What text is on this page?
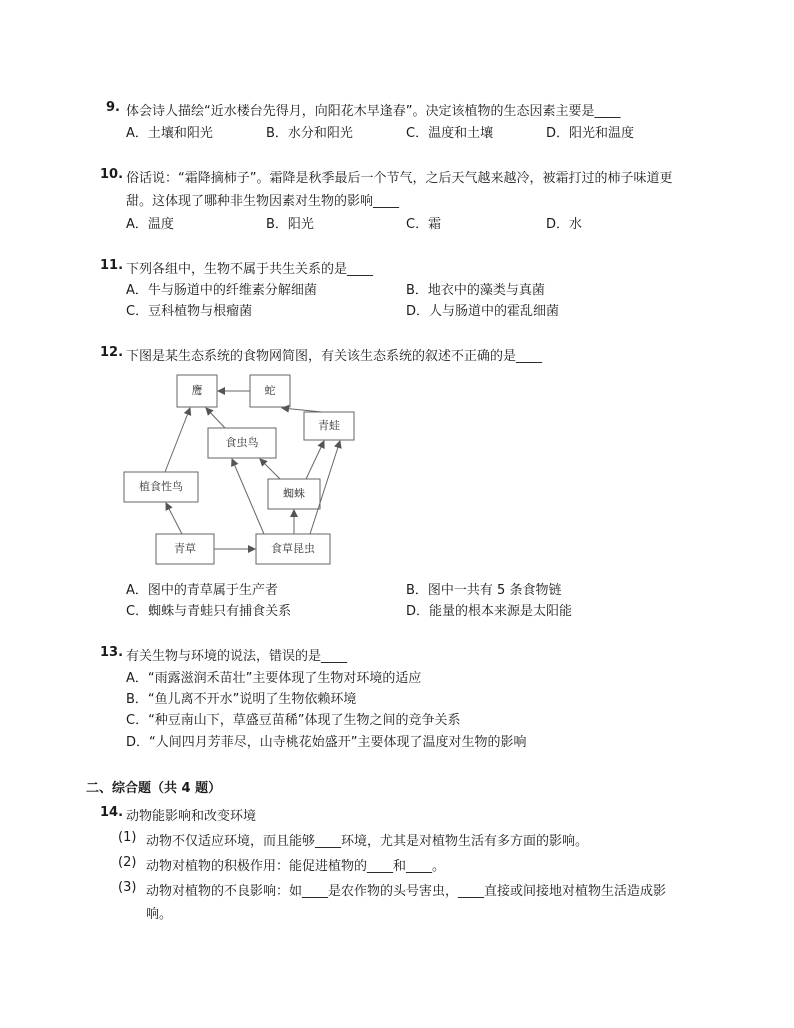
9. 体会诗人描绘“近水楼台先得月，向阳花木早逢春”。决定该植物的生态因素主要是____
A．土壤和阳光	B．水分和阳光	C．温度和土壤	D．阳光和温度
10. 俗话说：“霜降摘柿子”。霜降是秋季最后一个节气，之后天气越来越冷，被霜打过的柿子味道更
甜。这体现了哪种非生物因素对生物的影响____
A．温度	B．阳光	C．霜	D．水
11. 下列各组中，生物不属于共生关系的是____
A．牛与肠道中的纤维素分解细菌	B．地衣中的藻类与真菌
C．豆科植物与根瘤菌	D．人与肠道中的霍乱细菌
12. 下图是某生态系统的食物网简图，有关该生态系统的叙述不正确的是____
鹰	蛇
青蛙
食虫鸟
植食性鸟
蜘蛛
青草	食草昆虫
A．图中的青草属于生产者	B．图中一共有 5 条食物链
C．蜘蛛与青蛙只有捕食关系	D．能量的根本来源是太阳能
13. 有关生物与环境的说法，错误的是____
A．“雨露滋润禾苗壮”主要体现了生物对环境的适应
B．“鱼儿离不开水”说明了生物依赖环境
C．“种豆南山下，草盛豆苗稀”体现了生物之间的竞争关系
D．“人间四月芳菲尽，山寺桃花始盛开”主要体现了温度对生物的影响
二、综合题（共 4 题）
14. 动物能影响和改变环境
(1) 动物不仅适应环境，而且能够____环境，尤其是对植物生活有多方面的影响。
(2) 动物对植物的积极作用：能促进植物的____和____。
(3) 动物对植物的不良影响：如____是农作物的头号害虫，____直接或间接地对植物生活造成影
响。
